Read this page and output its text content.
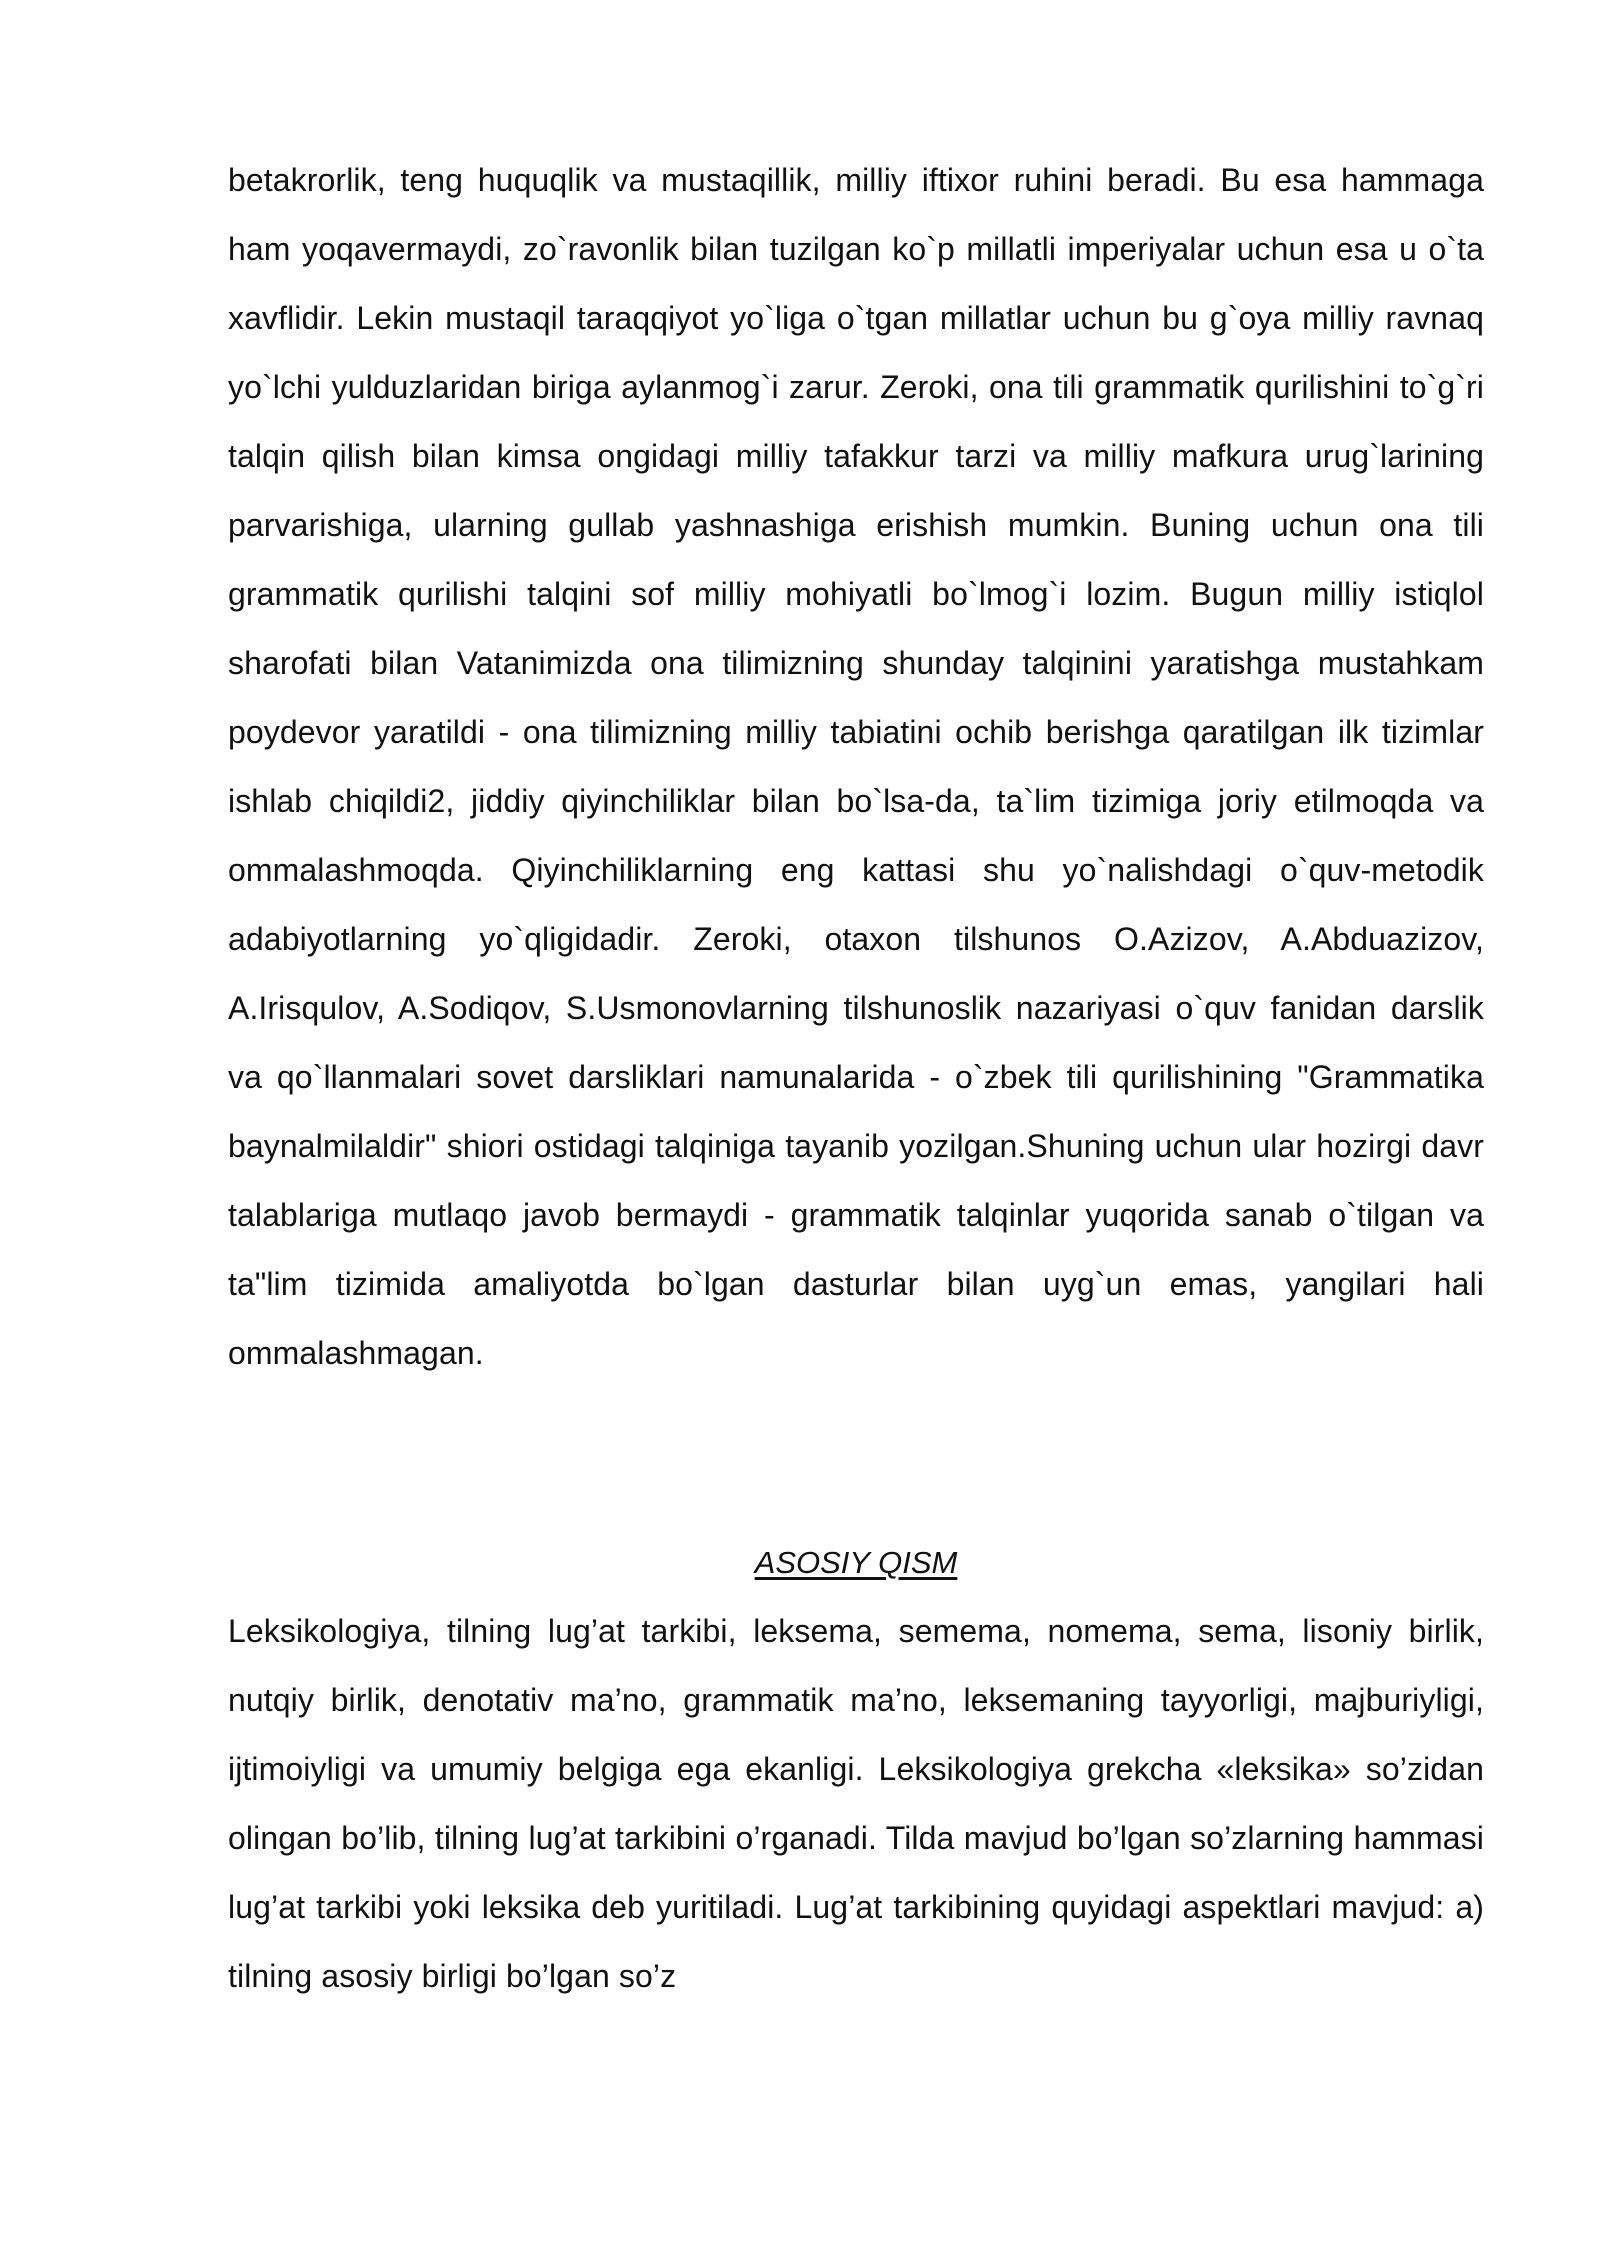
betakrorlik, teng huquqlik va mustaqillik, milliy iftixor ruhini beradi. Bu esa hammaga ham yoqavermaydi, zo`ravonlik bilan tuzilgan ko`p millatli imperiyalar uchun esa u o`ta xavflidir. Lekin mustaqil taraqqiyot yo`liga o`tgan millatlar uchun bu g`oya milliy ravnaq yo`lchi yulduzlaridan biriga aylanmog`i zarur. Zeroki, ona tili grammatik qurilishini to`g`ri talqin qilish bilan kimsa ongidagi milliy tafakkur tarzi va milliy mafkura urug`larining parvarishiga, ularning gullab yashnashiga erishish mumkin. Buning uchun ona tili grammatik qurilishi talqini sof milliy mohiyatli bo`lmog`i lozim. Bugun milliy istiqlol sharofati bilan Vatanimizda ona tilimizning shunday talqinini yaratishga mustahkam poydevor yaratildi - ona tilimizning milliy tabiatini ochib berishga qaratilgan ilk tizimlar ishlab chiqildi2, jiddiy qiyinchiliklar bilan bo`lsa-da, ta`lim tizimiga joriy etilmoqda va ommalashmoqda. Qiyinchiliklarning eng kattasi shu yo`nalishdagi o`quv-metodik adabiyotlarning yo`qligidadir. Zeroki, otaxon tilshunos O.Azizov, A.Abduazizov, A.Irisqulov, A.Sodiqov, S.Usmonovlarning tilshunoslik nazariyasi o`quv fanidan darslik va qo`llanmalari sovet darsliklari namunalarida - o`zbek tili qurilishining "Grammatika baynalmilaldir" shiori ostidagi talqiniga tayanib yozilgan.Shuning uchun ular hozirgi davr talablariga mutlaqo javob bermaydi - grammatik talqinlar yuqorida sanab o`tilgan va ta"lim tizimida amaliyotda bo`lgan dasturlar bilan uyg`un emas, yangilari hali ommalashmagan.

ASOSIY QISM

Leksikologiya, tilning lug’at tarkibi, leksema, semema, nomema, sema, lisoniy birlik, nutqiy birlik, denotativ ma’no, grammatik ma’no, leksemaning tayyorligi, majburiyligi, ijtimoiyligi va umumiy belgiga ega ekanligi. Leksikologiya grekcha «leksika» so’zidan olingan bo’lib, tilning lug’at tarkibini o’rganadi. Tilda mavjud bo’lgan so’zlarning hammasi lug’at tarkibi yoki leksika deb yuritiladi. Lug’at tarkibining quyidagi aspektlari mavjud: a) tilning asosiy birligi bo’lgan so’z
